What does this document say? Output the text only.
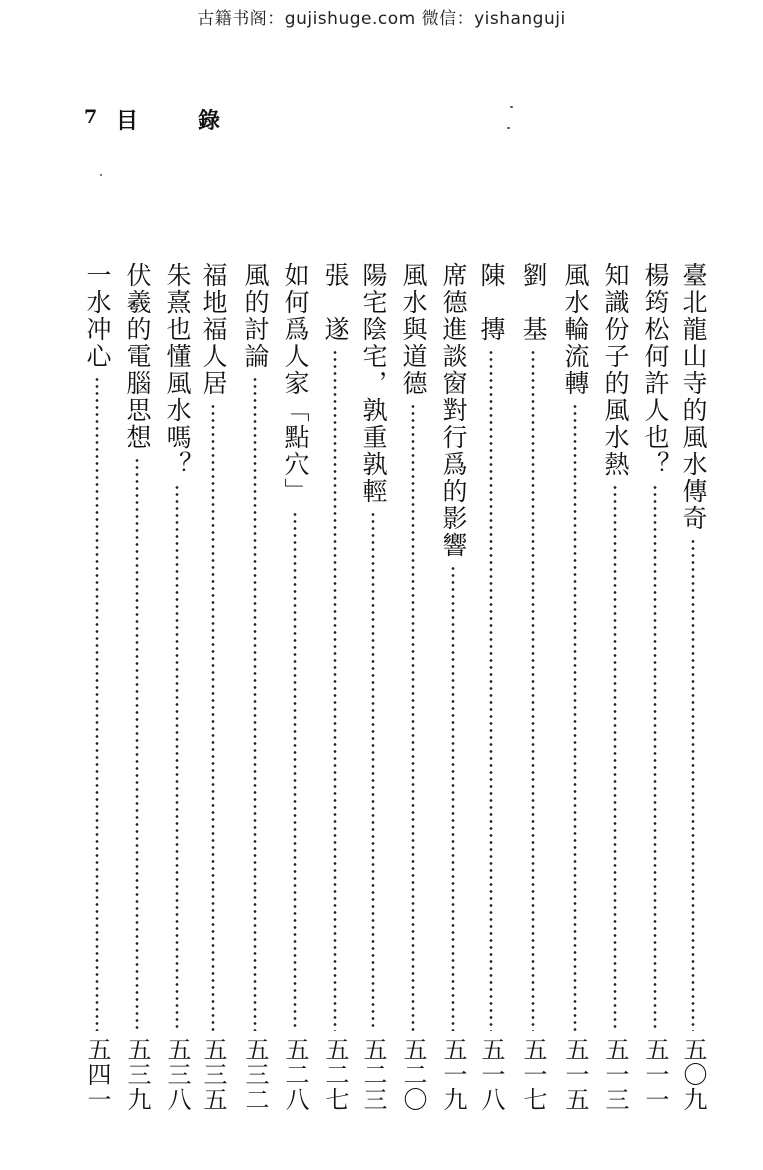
古籍书阁：gujishuge.com 微信：yishanguji
7 目	錄
臺北龍山寺的風水傳奇
五〇九
楊筠松何許人也？
五一一
知識份子的風水熱
五一三
風水輪流轉
五一五
劉　基
五一七
陳　摶
五一八
席德進談窗對行爲的影響
五一九
風水與道德
五二〇
陽宅陰宅，孰重孰輕
五二三
張　遂
五二七
如何爲人家「點穴」
五二八
風的討論
五三二
福地福人居
五三五
朱熹也懂風水嗎？
五三八
伏羲的電腦思想
五三九
一水冲心
五四一
